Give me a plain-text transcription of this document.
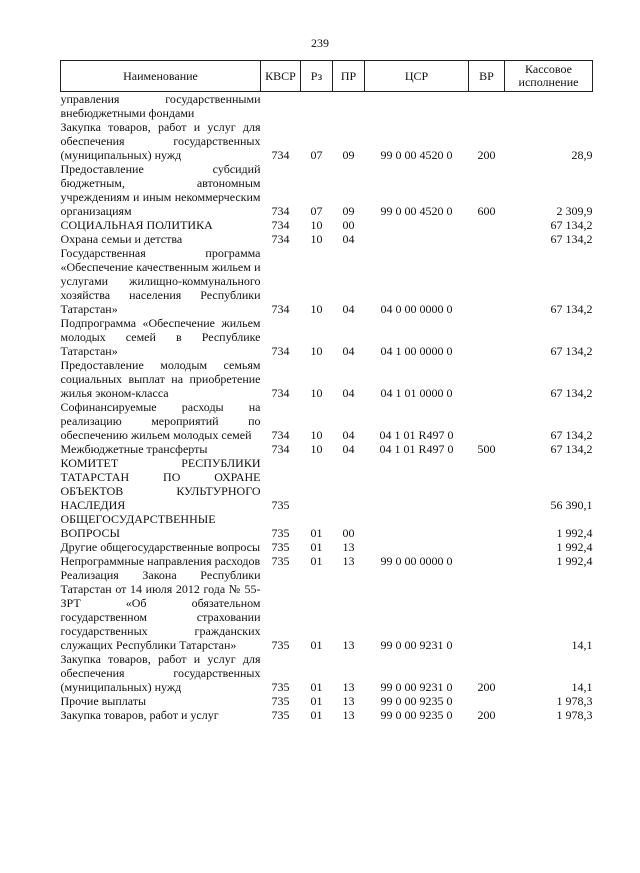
239
Наименование	КВСР	Рз	ПР	ЦСР	ВР	Кассовое исполнение
управления государственными внебюджетными фондами						
Закупка товаров, работ и услуг для обеспечения государственных (муниципальных) нужд	734	07	09	99 0 00 4520 0	200	28,9
Предоставление субсидий бюджетным, автономным учреждениям и иным некоммерческим организациям	734	07	09	99 0 00 4520 0	600	2 309,9
СОЦИАЛЬНАЯ ПОЛИТИКА	734	10	00			67 134,2
Охрана семьи и детства	734	10	04			67 134,2
Государственная программа «Обеспечение качественным жильем и услугами жилищно-коммунального хозяйства населения Республики Татарстан»	734	10	04	04 0 00 0000 0		67 134,2
Подпрограмма «Обеспечение жильем молодых семей в Республике Татарстан»	734	10	04	04 1 00 0000 0		67 134,2
Предоставление молодым семьям социальных выплат на приобретение жилья эконом-класса	734	10	04	04 1 01 0000 0		67 134,2
Софинансируемые расходы на реализацию мероприятий по обеспечению жильем молодых семей	734	10	04	04 1 01 R497 0		67 134,2
Межбюджетные трансферты	734	10	04	04 1 01 R497 0	500	67 134,2
КОМИТЕТ РЕСПУБЛИКИ ТАТАРСТАН ПО ОХРАНЕ ОБЪЕКТОВ КУЛЬТУРНОГО НАСЛЕДИЯ	735					56 390,1
ОБЩЕГОСУДАРСТВЕННЫЕ ВОПРОСЫ	735	01	00			1 992,4
Другие общегосударственные вопросы	735	01	13			1 992,4
Непрограммные направления расходов	735	01	13	99 0 00 0000 0		1 992,4
Реализация Закона Республики Татарстан от 14 июля 2012 года № 55-ЗРТ «Об обязательном государственном страховании государственных гражданских служащих Республики Татарстан»	735	01	13	99 0 00 9231 0		14,1
Закупка товаров, работ и услуг для обеспечения государственных (муниципальных) нужд	735	01	13	99 0 00 9231 0	200	14,1
Прочие выплаты	735	01	13	99 0 00 9235 0		1 978,3
Закупка товаров, работ и услуг	735	01	13	99 0 00 9235 0	200	1 978,3
